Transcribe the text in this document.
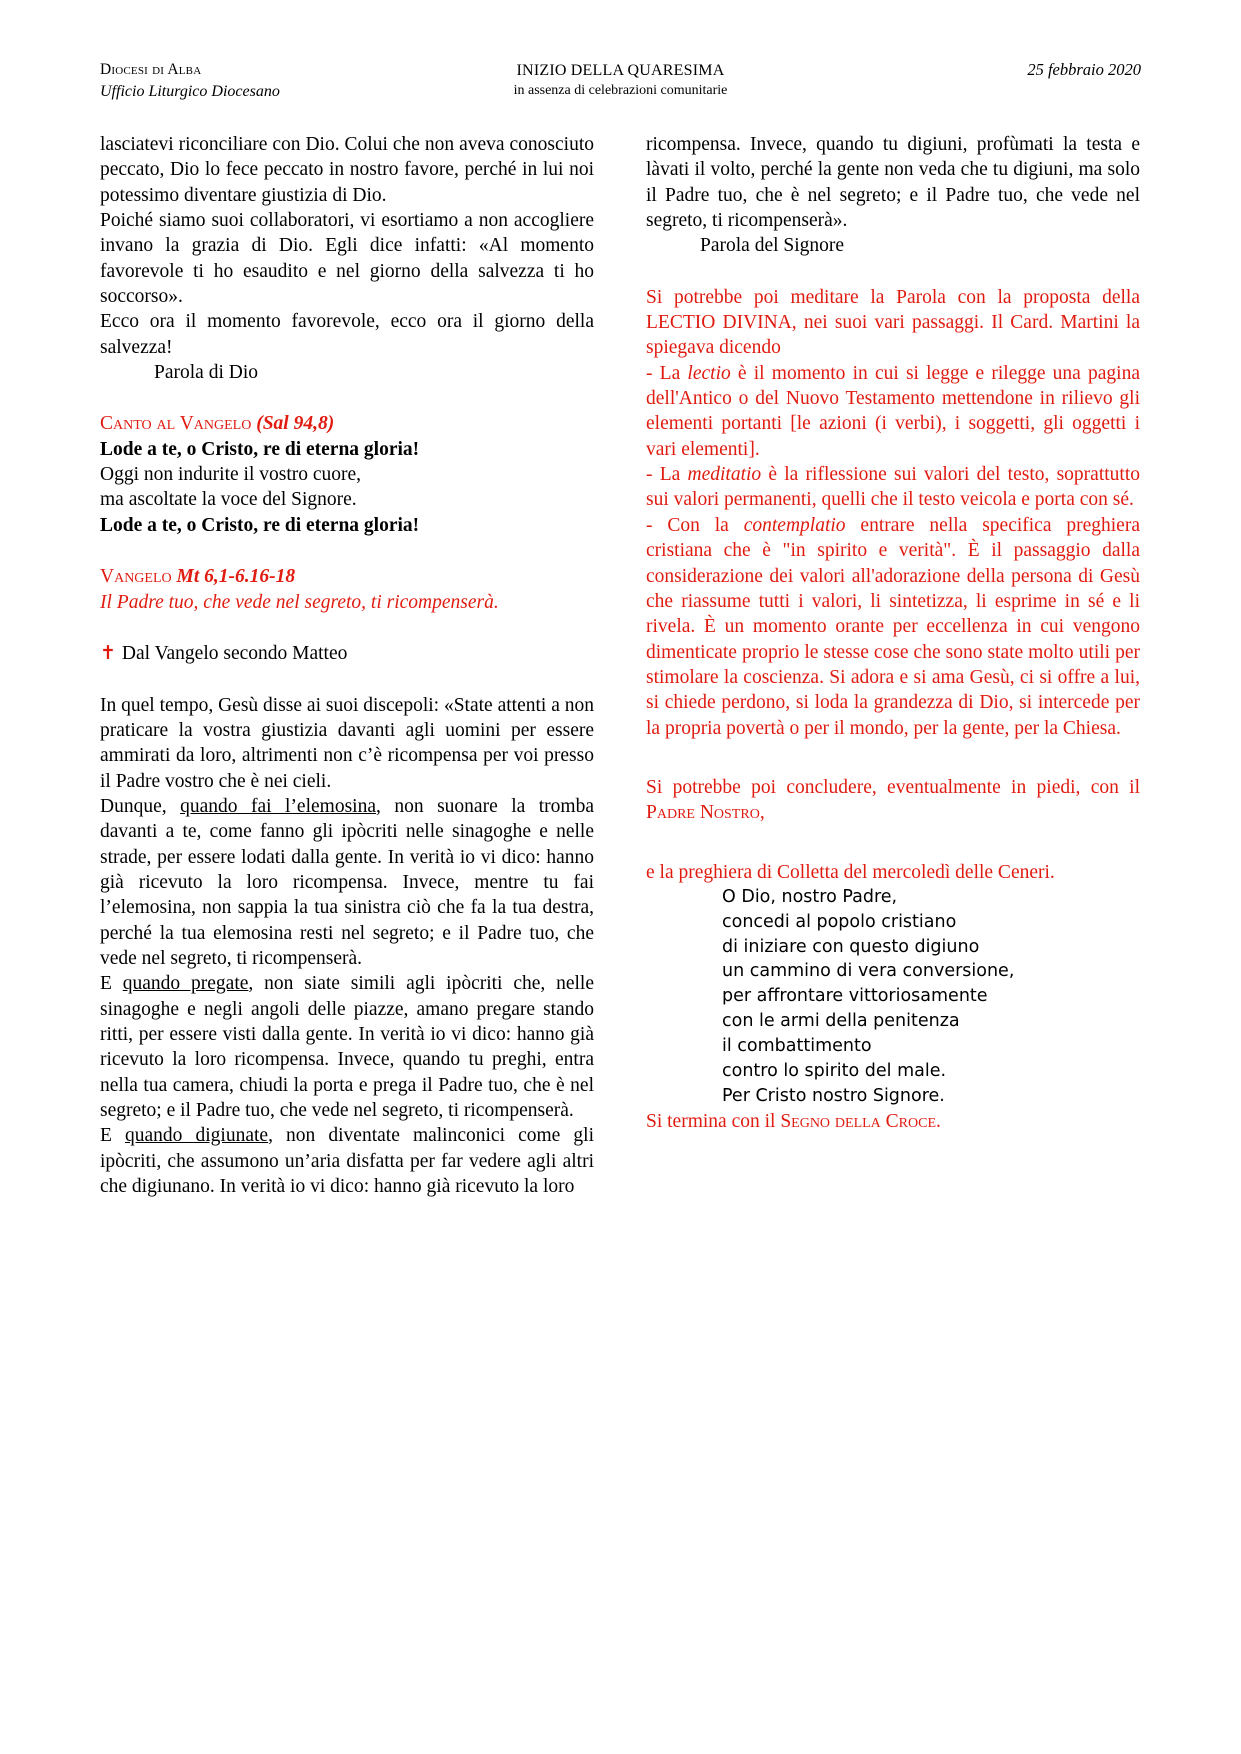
Diocesi di Alba
Ufficio Liturgico Diocesano
INIZIO DELLA QUARESIMA
in assenza di celebrazioni comunitarie
25 febbraio 2020

lasciatevi riconciliare con Dio. Colui che non aveva conosciuto peccato, Dio lo fece peccato in nostro favore, perché in lui noi potessimo diventare giustizia di Dio.

Poiché siamo suoi collaboratori, vi esortiamo a non accogliere invano la grazia di Dio. Egli dice infatti: «Al momento favorevole ti ho esaudito e nel giorno della salvezza ti ho soccorso».

Ecco ora il momento favorevole, ecco ora il giorno della salvezza!

Parola di Dio

Canto al Vangelo (Sal 94,8)

Lode a te, o Cristo, re di eterna gloria!

Oggi non indurite il vostro cuore,

ma ascoltate la voce del Signore.

Lode a te, o Cristo, re di eterna gloria!

Vangelo Mt 6,1-6.16-18

Il Padre tuo, che vede nel segreto, ti ricompenserà.

✝ Dal Vangelo secondo Matteo

In quel tempo, Gesù disse ai suoi discepoli: «State attenti a non praticare la vostra giustizia davanti agli uomini per essere ammirati da loro, altrimenti non c’è ricompensa per voi presso il Padre vostro che è nei cieli.

Dunque, quando fai l’elemosina, non suonare la tromba davanti a te, come fanno gli ipòcriti nelle sinagoghe e nelle strade, per essere lodati dalla gente. In verità io vi dico: hanno già ricevuto la loro ricompensa. Invece, mentre tu fai l’elemosina, non sappia la tua sinistra ciò che fa la tua destra, perché la tua elemosina resti nel segreto; e il Padre tuo, che vede nel segreto, ti ricompenserà.

E quando pregate, non siate simili agli ipòcriti che, nelle sinagoghe e negli angoli delle piazze, amano pregare stando ritti, per essere visti dalla gente. In verità io vi dico: hanno già ricevuto la loro ricompensa. Invece, quando tu preghi, entra nella tua camera, chiudi la porta e prega il Padre tuo, che è nel segreto; e il Padre tuo, che vede nel segreto, ti ricompenserà.

E quando digiunate, non diventate malinconici come gli ipòcriti, che assumono un’aria disfatta per far vedere agli altri che digiunano. In verità io vi dico: hanno già ricevuto la loro

ricompensa. Invece, quando tu digiuni, profùmati la testa e làvati il volto, perché la gente non veda che tu digiuni, ma solo il Padre tuo, che è nel segreto; e il Padre tuo, che vede nel segreto, ti ricompenserà».

Parola del Signore

Si potrebbe poi meditare la Parola con la proposta della LECTIO DIVINA, nei suoi vari passaggi. Il Card. Martini la spiegava dicendo

- La lectio è il momento in cui si legge e rilegge una pagina dell'Antico o del Nuovo Testamento mettendone in rilievo gli elementi portanti [le azioni (i verbi), i soggetti, gli oggetti i vari elementi].

- La meditatio è la riflessione sui valori del testo, soprattutto sui valori permanenti, quelli che il testo veicola e porta con sé.

- Con la contemplatio entrare nella specifica preghiera cristiana che è "in spirito e verità". È il passaggio dalla considerazione dei valori all'adorazione della persona di Gesù che riassume tutti i valori, li sintetizza, li esprime in sé e li rivela. È un momento orante per eccellenza in cui vengono dimenticate proprio le stesse cose che sono state molto utili per stimolare la coscienza. Si adora e si ama Gesù, ci si offre a lui, si chiede perdono, si loda la grandezza di Dio, si intercede per la propria povertà o per il mondo, per la gente, per la Chiesa.

Si potrebbe poi concludere, eventualmente in piedi, con il Padre Nostro,

e la preghiera di Colletta del mercoledì delle Ceneri.

O Dio, nostro Padre,
concedi al popolo cristiano
di iniziare con questo digiuno
un cammino di vera conversione,
per affrontare vittoriosamente
con le armi della penitenza
il combattimento
contro lo spirito del male.
Per Cristo nostro Signore.

Si termina con il Segno della Croce.
